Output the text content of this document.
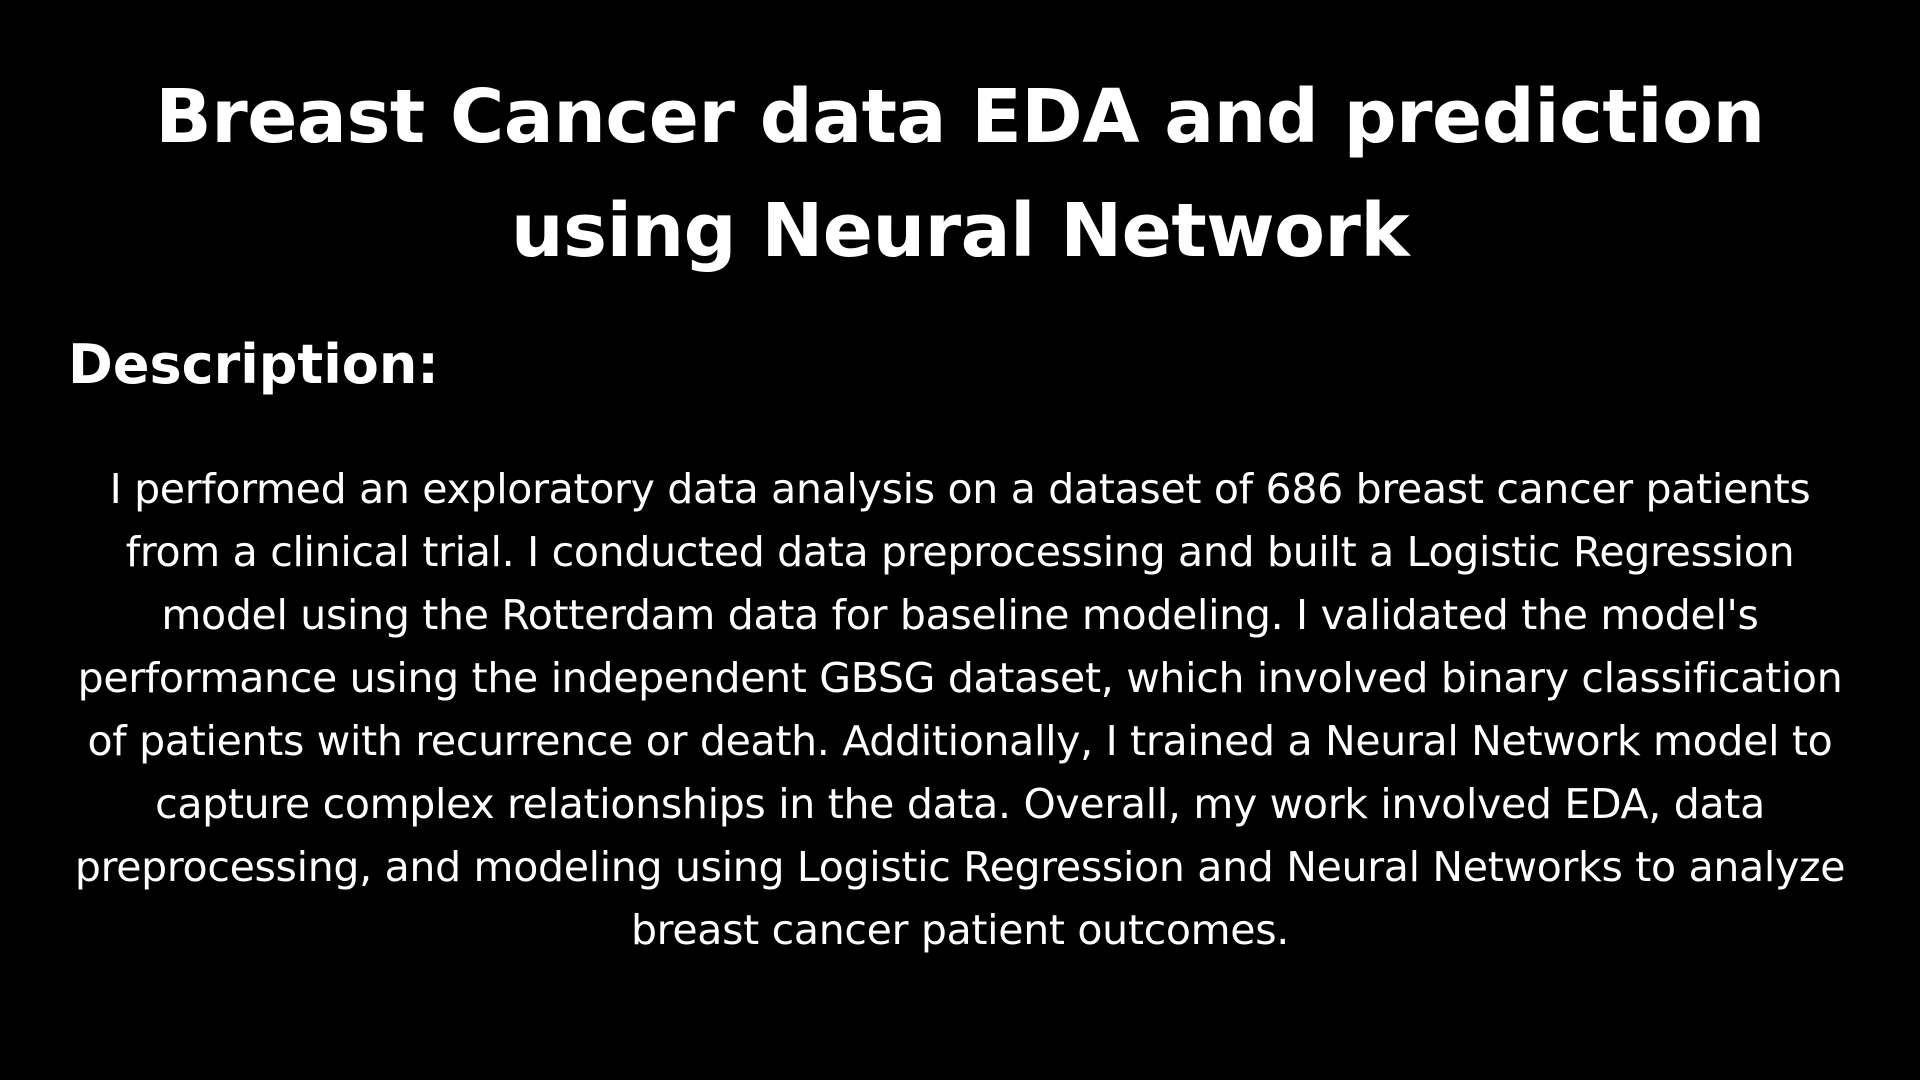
Breast Cancer data EDA and prediction using Neural Network
Description:

I performed an exploratory data analysis on a dataset of 686 breast cancer patients from a clinical trial. I conducted data preprocessing and built a Logistic Regression model using the Rotterdam data for baseline modeling. I validated the model's performance using the independent GBSG dataset, which involved binary classification of patients with recurrence or death. Additionally, I trained a Neural Network model to capture complex relationships in the data. Overall, my work involved EDA, data preprocessing, and modeling using Logistic Regression and Neural Networks to analyze breast cancer patient outcomes.
